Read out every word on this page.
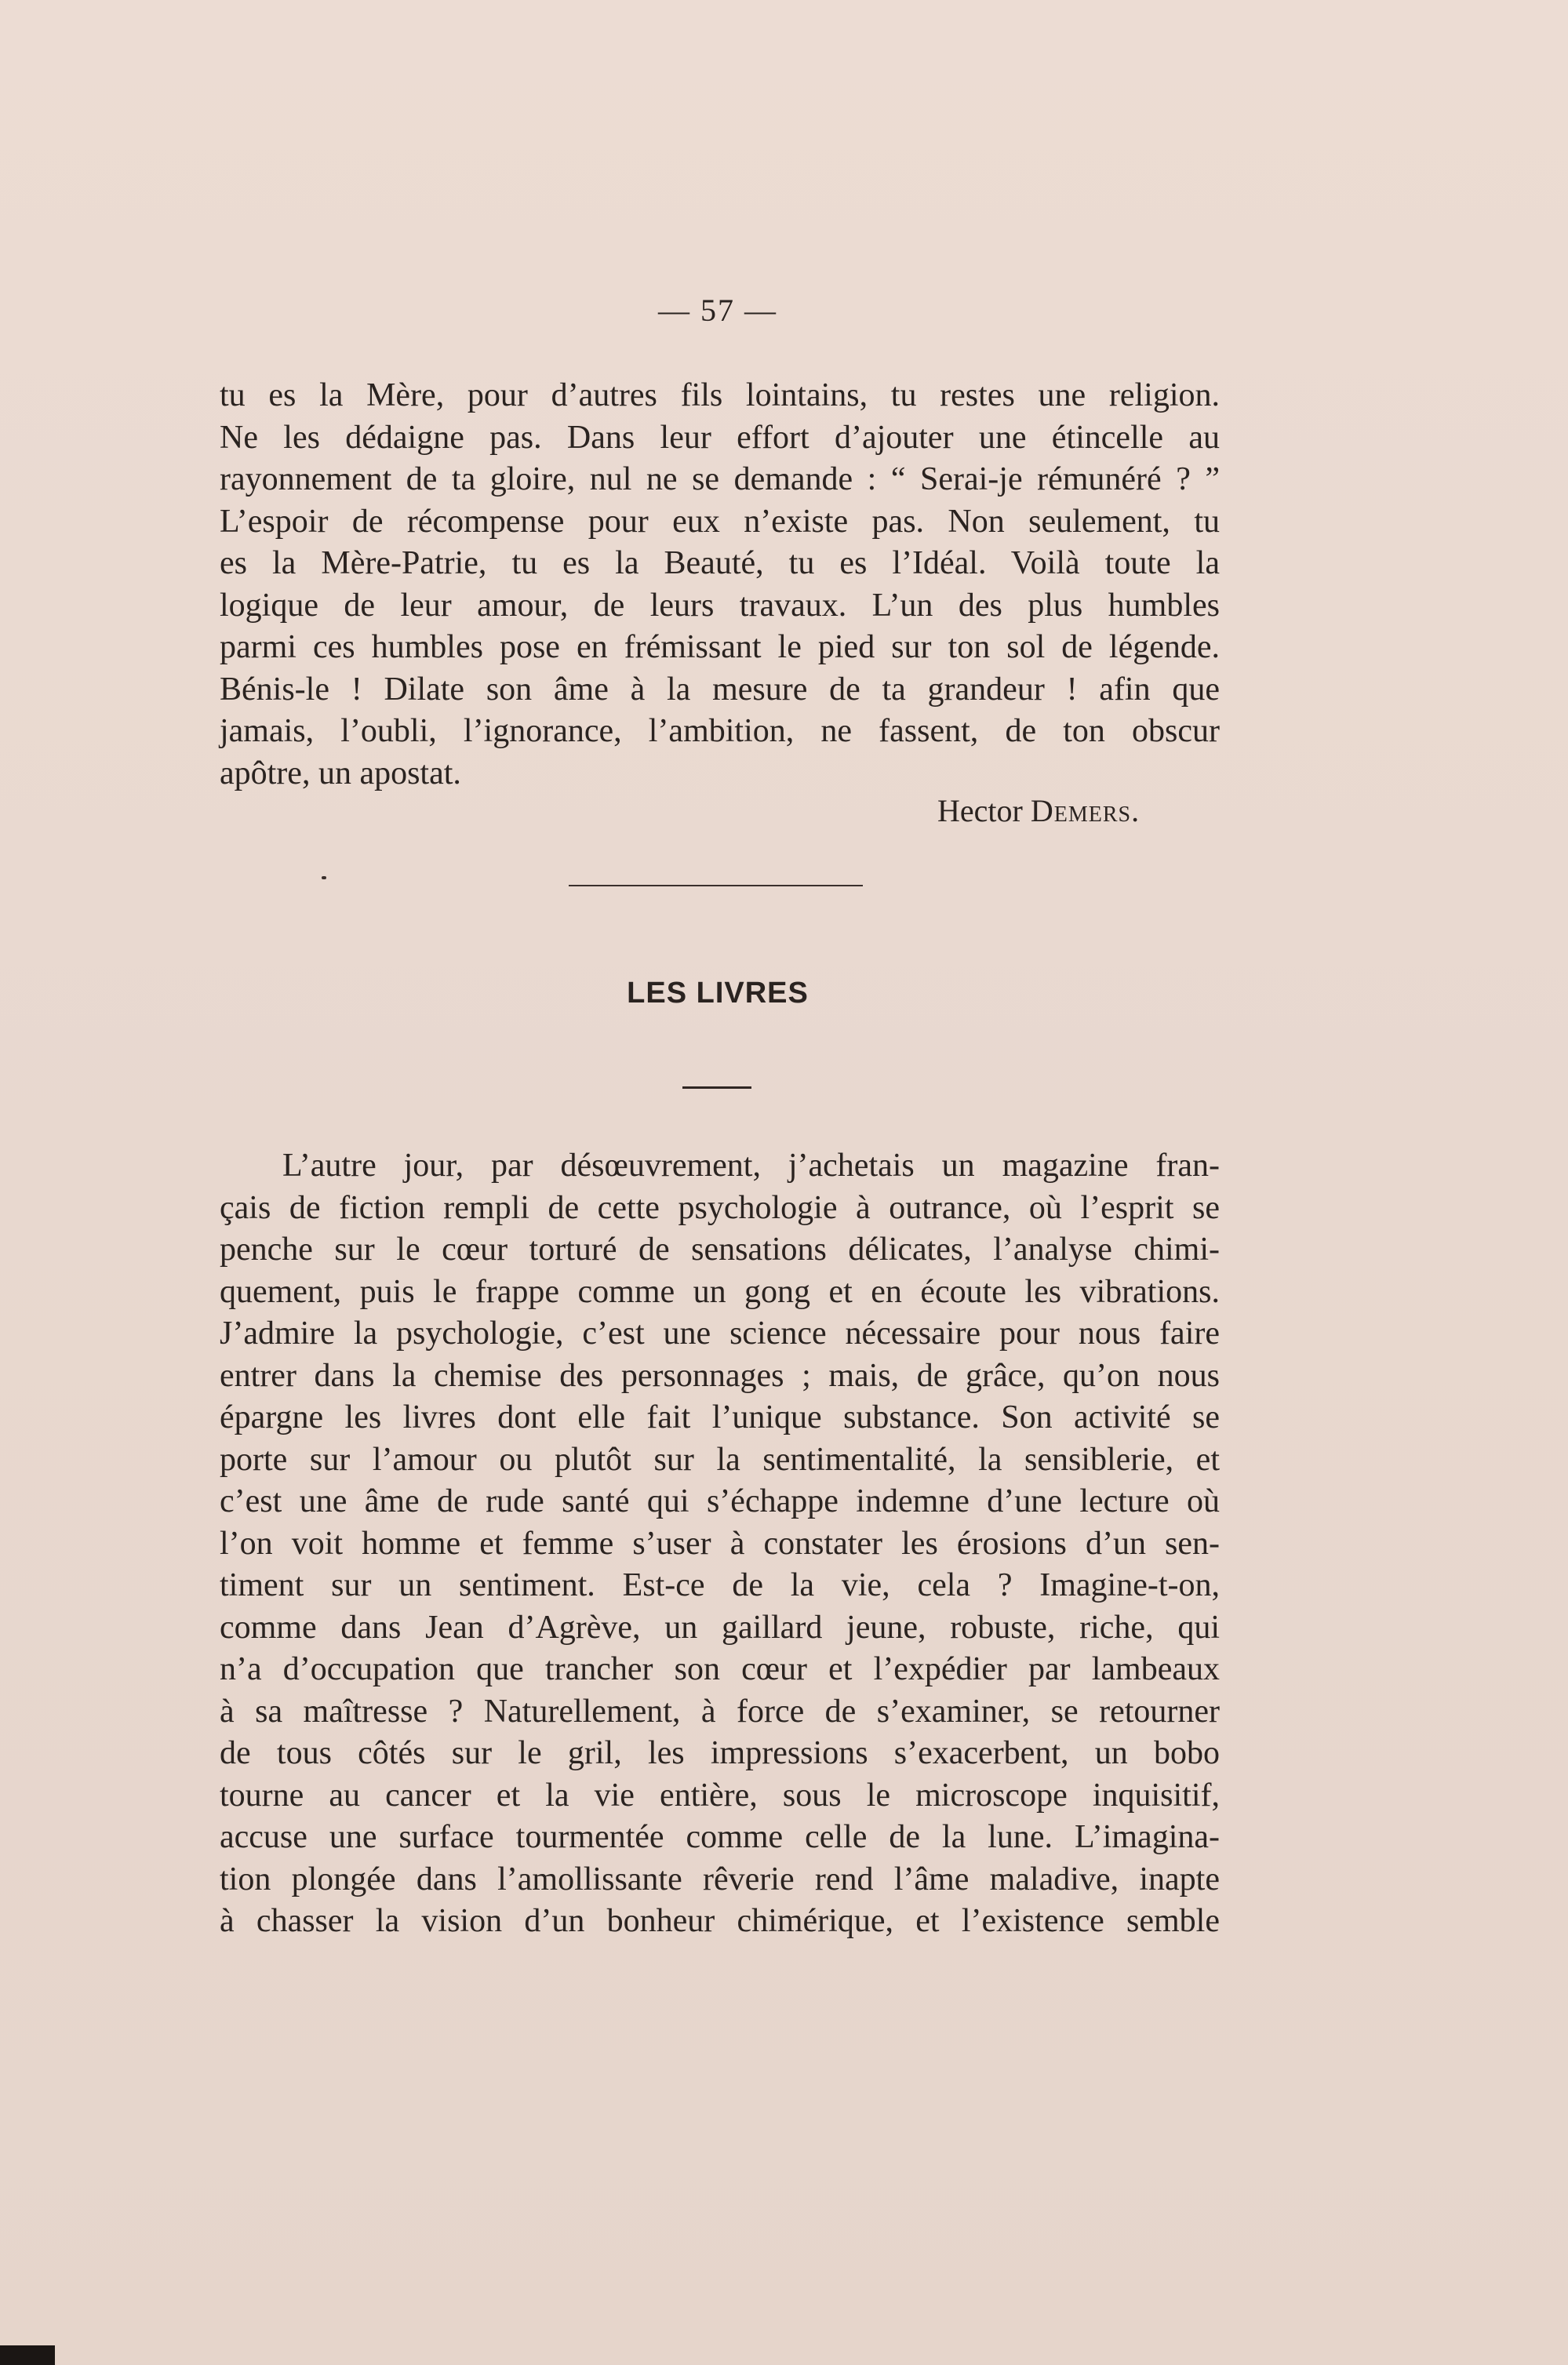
— 57 —
tu es la Mère, pour d’autres fils lointains, tu restes une religion.
Ne les dédaigne pas. Dans leur effort d’ajouter une étincelle au
rayonnement de ta gloire, nul ne se demande : “ Serai-je rémunéré ? ”
L’espoir de récompense pour eux n’existe pas. Non seulement, tu
es la Mère-Patrie, tu es la Beauté, tu es l’Idéal. Voilà toute la
logique de leur amour, de leurs travaux. L’un des plus humbles
parmi ces humbles pose en frémissant le pied sur ton sol de légende.
Bénis-le ! Dilate son âme à la mesure de ta grandeur ! afin que
jamais, l’oubli, l’ignorance, l’ambition, ne fassent, de ton obscur
apôtre, un apostat.
Hector Demers.
LES LIVRES
L’autre jour, par désœuvrement, j’achetais un magazine fran-
çais de fiction rempli de cette psychologie à outrance, où l’esprit se
penche sur le cœur torturé de sensations délicates, l’analyse chimi-
quement, puis le frappe comme un gong et en écoute les vibrations.
J’admire la psychologie, c’est une science nécessaire pour nous faire
entrer dans la chemise des personnages ; mais, de grâce, qu’on nous
épargne les livres dont elle fait l’unique substance. Son activité se
porte sur l’amour ou plutôt sur la sentimentalité, la sensiblerie, et
c’est une âme de rude santé qui s’échappe indemne d’une lecture où
l’on voit homme et femme s’user à constater les érosions d’un sen-
timent sur un sentiment. Est-ce de la vie, cela ? Imagine-t-on,
comme dans Jean d’Agrève, un gaillard jeune, robuste, riche, qui
n’a d’occupation que trancher son cœur et l’expédier par lambeaux
à sa maîtresse ? Naturellement, à force de s’examiner, se retourner
de tous côtés sur le gril, les impressions s’exacerbent, un bobo
tourne au cancer et la vie entière, sous le microscope inquisitif,
accuse une surface tourmentée comme celle de la lune. L’imagina-
tion plongée dans l’amollissante rêverie rend l’âme maladive, inapte
à chasser la vision d’un bonheur chimérique, et l’existence semble
